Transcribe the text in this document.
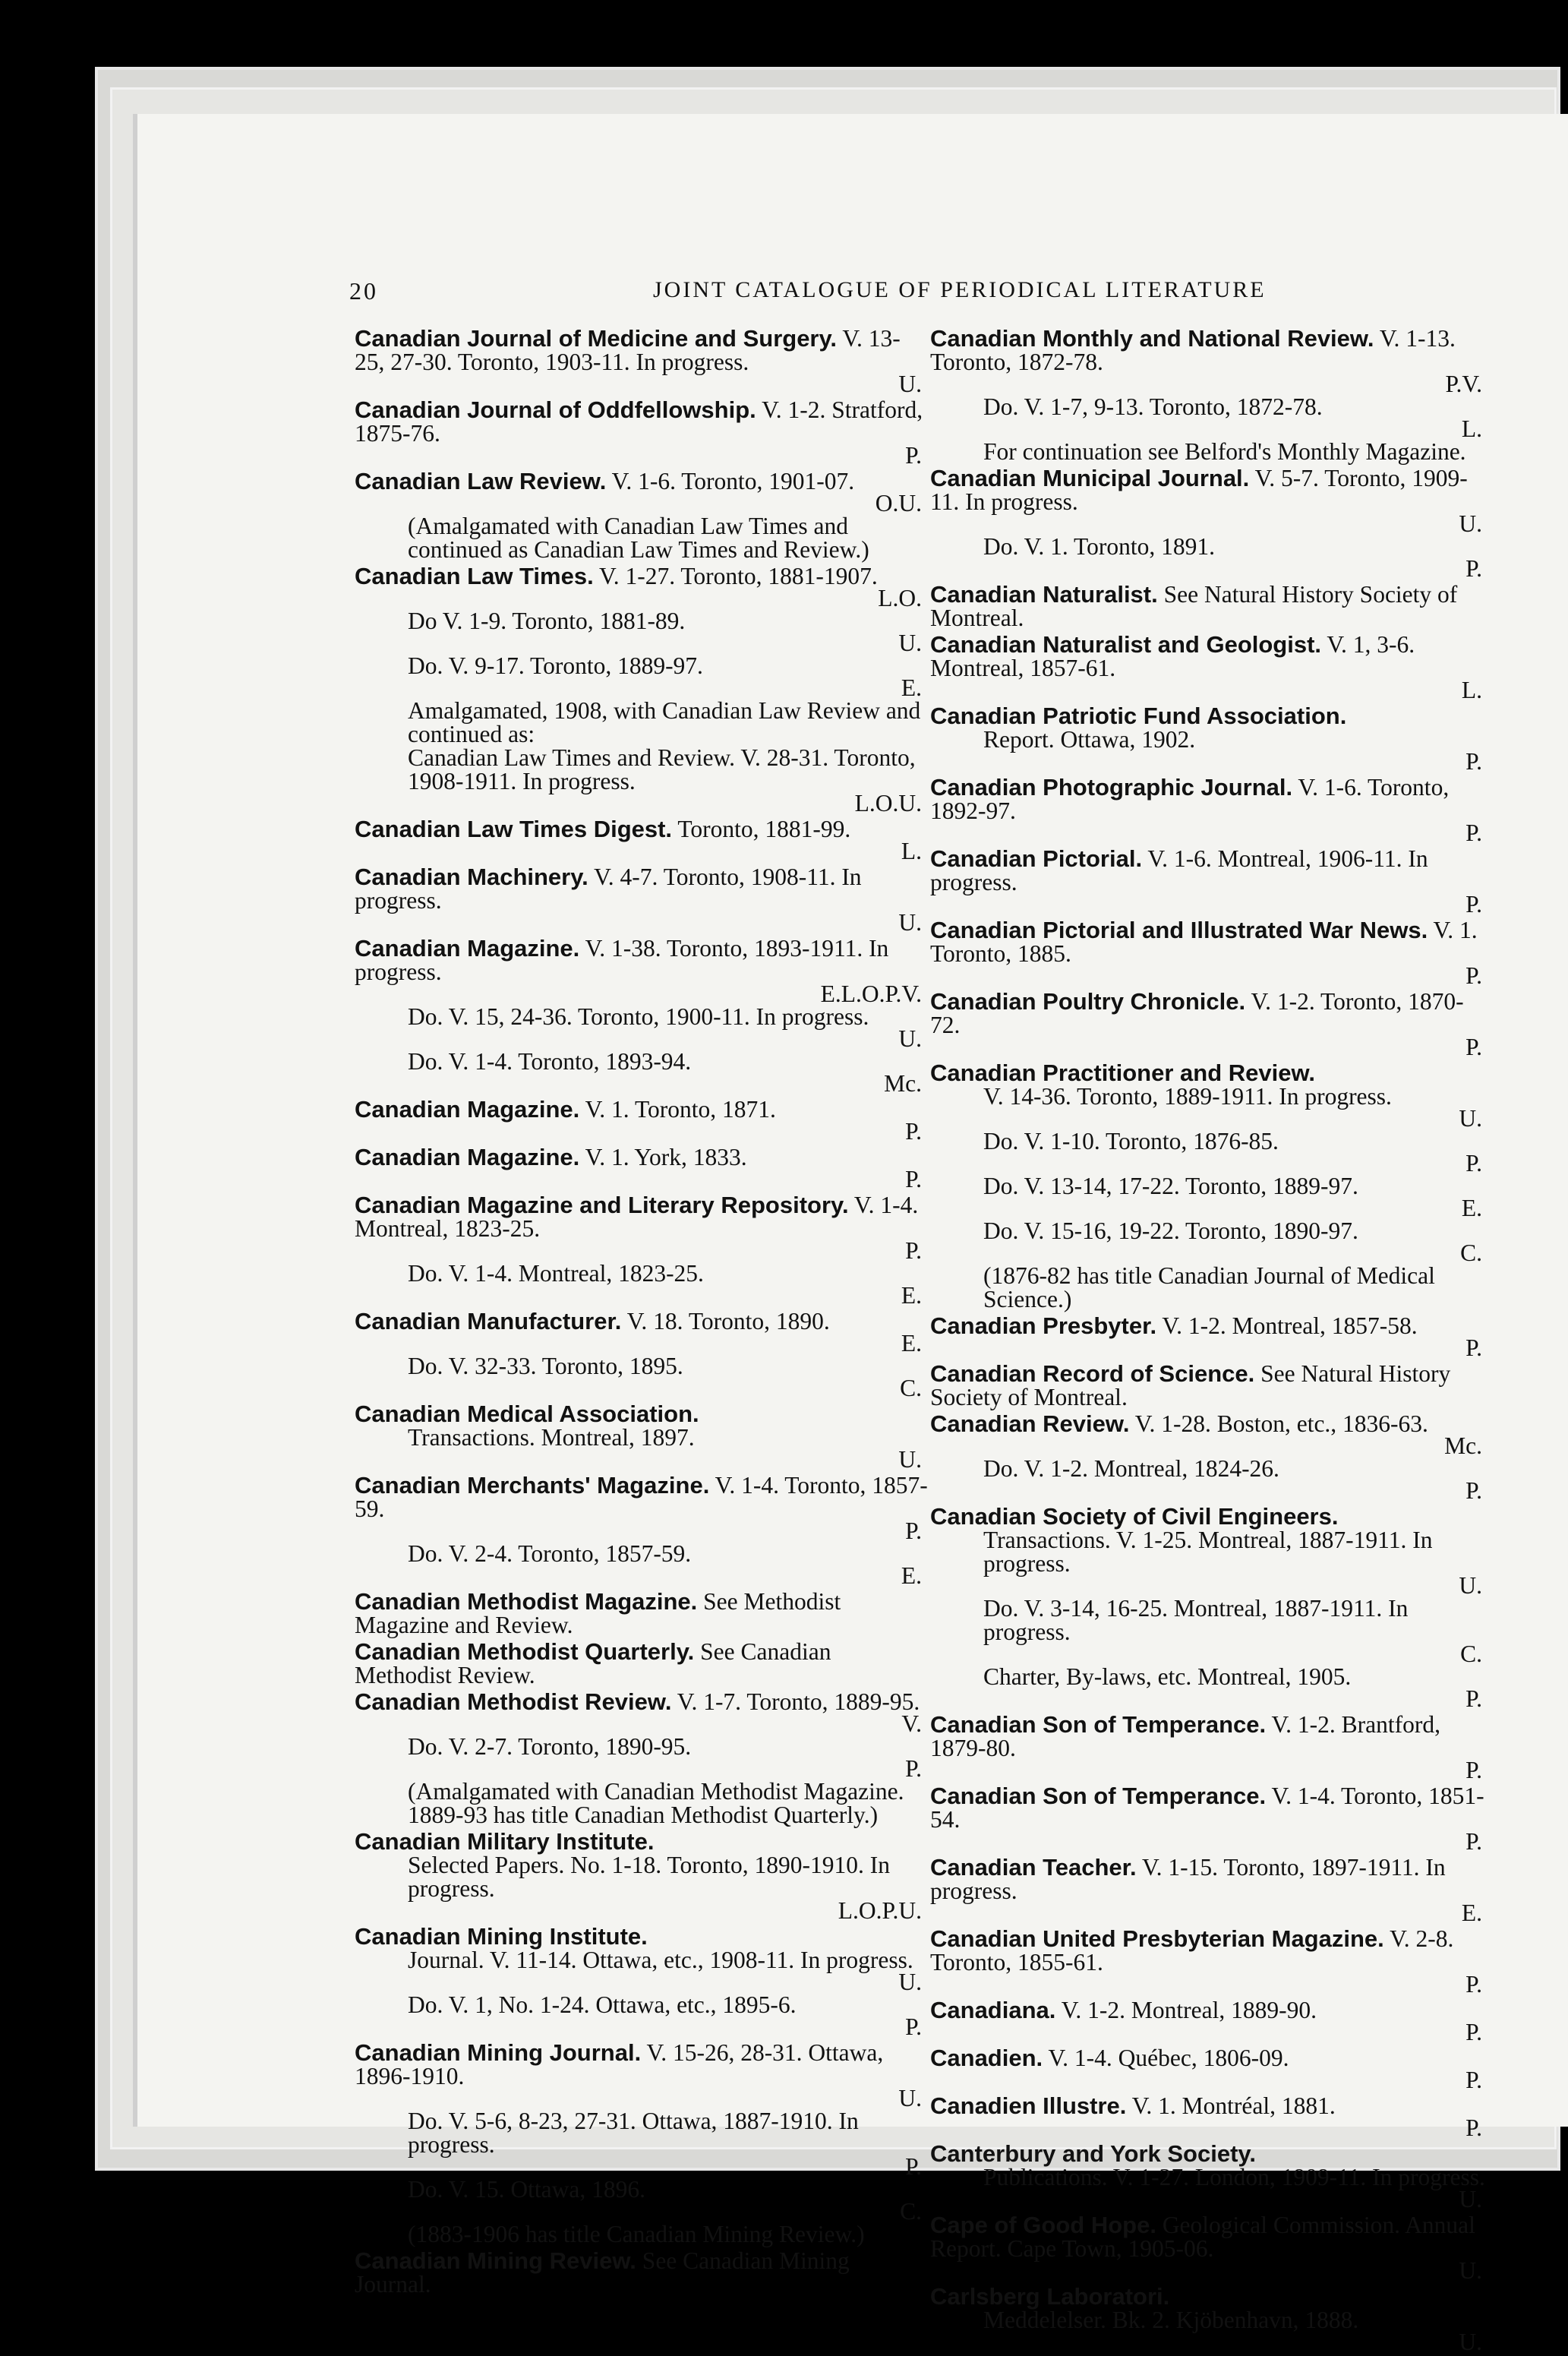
20	JOINT CATALOGUE OF PERIODICAL LITERATURE
Canadian Journal of Medicine and Surgery. V. 13-25, 27-30. Toronto, 1903-11. In progress.
U.
Canadian Journal of Oddfellowship. V. 1-2. Stratford, 1875-76.
P.
Canadian Law Review. V. 1-6. Toronto, 1901-07.
O.U.
(Amalgamated with Canadian Law Times and continued as Canadian Law Times and Review.)
Canadian Law Times. V. 1-27. Toronto, 1881-1907.
L.O.
Do V. 1-9. Toronto, 1881-89.
U.
Do. V. 9-17. Toronto, 1889-97.
E.
Amalgamated, 1908, with Canadian Law Review and continued as:
Canadian Law Times and Review. V. 28-31. Toronto, 1908-1911. In progress.
L.O.U.
Canadian Law Times Digest. Toronto, 1881-99.
L.
Canadian Machinery. V. 4-7. Toronto, 1908-11. In progress.
U.
Canadian Magazine. V. 1-38. Toronto, 1893-1911. In progress.
E.L.O.P.V.
Do. V. 15, 24-36. Toronto, 1900-11. In progress.
U.
Do. V. 1-4. Toronto, 1893-94.
Mc.
Canadian Magazine. V. 1. Toronto, 1871.
P.
Canadian Magazine. V. 1. York, 1833.
P.
Canadian Magazine and Literary Repository. V. 1-4. Montreal, 1823-25.
P.
Do. V. 1-4. Montreal, 1823-25.
E.
Canadian Manufacturer. V. 18. Toronto, 1890.
E.
Do. V. 32-33. Toronto, 1895.
C.
Canadian Medical Association.
Transactions. Montreal, 1897.
U.
Canadian Merchants' Magazine. V. 1-4. Toronto, 1857-59.
P.
Do. V. 2-4. Toronto, 1857-59.
E.
Canadian Methodist Magazine. See Methodist Magazine and Review.
Canadian Methodist Quarterly. See Canadian Methodist Review.
Canadian Methodist Review. V. 1-7. Toronto, 1889-95.
V.
Do. V. 2-7. Toronto, 1890-95.
P.
(Amalgamated with Canadian Methodist Magazine. 1889-93 has title Canadian Methodist Quarterly.)
Canadian Military Institute.
Selected Papers. No. 1-18. Toronto, 1890-1910. In progress.
L.O.P.U.
Canadian Mining Institute.
Journal. V. 11-14. Ottawa, etc., 1908-11. In progress.
U.
Do. V. 1, No. 1-24. Ottawa, etc., 1895-6.
P.
Canadian Mining Journal. V. 15-26, 28-31. Ottawa, 1896-1910.
U.
Do. V. 5-6, 8-23, 27-31. Ottawa, 1887-1910. In progress.
P.
Do. V. 15. Ottawa, 1896.
C.
(1883-1906 has title Canadian Mining Review.)
Canadian Mining Review. See Canadian Mining Journal.
Canadian Monthly and National Review. V. 1-13. Toronto, 1872-78.
P.V.
Do. V. 1-7, 9-13. Toronto, 1872-78.
L.
For continuation see Belford's Monthly Magazine.
Canadian Municipal Journal. V. 5-7. Toronto, 1909-11. In progress.
U.
Do. V. 1. Toronto, 1891.
P.
Canadian Naturalist. See Natural History Society of Montreal.
Canadian Naturalist and Geologist. V. 1, 3-6. Montreal, 1857-61.
L.
Canadian Patriotic Fund Association.
Report. Ottawa, 1902.
P.
Canadian Photographic Journal. V. 1-6. Toronto, 1892-97.
P.
Canadian Pictorial. V. 1-6. Montreal, 1906-11. In progress.
P.
Canadian Pictorial and Illustrated War News. V. 1. Toronto, 1885.
P.
Canadian Poultry Chronicle. V. 1-2. Toronto, 1870-72.
P.
Canadian Practitioner and Review.
V. 14-36. Toronto, 1889-1911. In progress.
U.
Do. V. 1-10. Toronto, 1876-85.
P.
Do. V. 13-14, 17-22. Toronto, 1889-97.
E.
Do. V. 15-16, 19-22. Toronto, 1890-97.
C.
(1876-82 has title Canadian Journal of Medical Science.)
Canadian Presbyter. V. 1-2. Montreal, 1857-58.
P.
Canadian Record of Science. See Natural History Society of Montreal.
Canadian Review. V. 1-28. Boston, etc., 1836-63.
Mc.
Do. V. 1-2. Montreal, 1824-26.
P.
Canadian Society of Civil Engineers.
Transactions. V. 1-25. Montreal, 1887-1911. In progress.
U.
Do. V. 3-14, 16-25. Montreal, 1887-1911. In progress.
C.
Charter, By-laws, etc. Montreal, 1905.
P.
Canadian Son of Temperance. V. 1-2. Brantford, 1879-80.
P.
Canadian Son of Temperance. V. 1-4. Toronto, 1851-54.
P.
Canadian Teacher. V. 1-15. Toronto, 1897-1911. In progress.
E.
Canadian United Presbyterian Magazine. V. 2-8. Toronto, 1855-61.
P.
Canadiana. V. 1-2. Montreal, 1889-90.
P.
Canadien. V. 1-4. Québec, 1806-09.
P.
Canadien Illustre. V. 1. Montréal, 1881.
P.
Canterbury and York Society.
Publications. V. 1-27. London, 1909-11. In progress.
U.
Cape of Good Hope. Geological Commission. Annual Report. Cape Town, 1905-06.
U.
Carlsberg Laboratori.
Meddelelser. Bk. 2. Kjöbenhavn, 1888.
U.
